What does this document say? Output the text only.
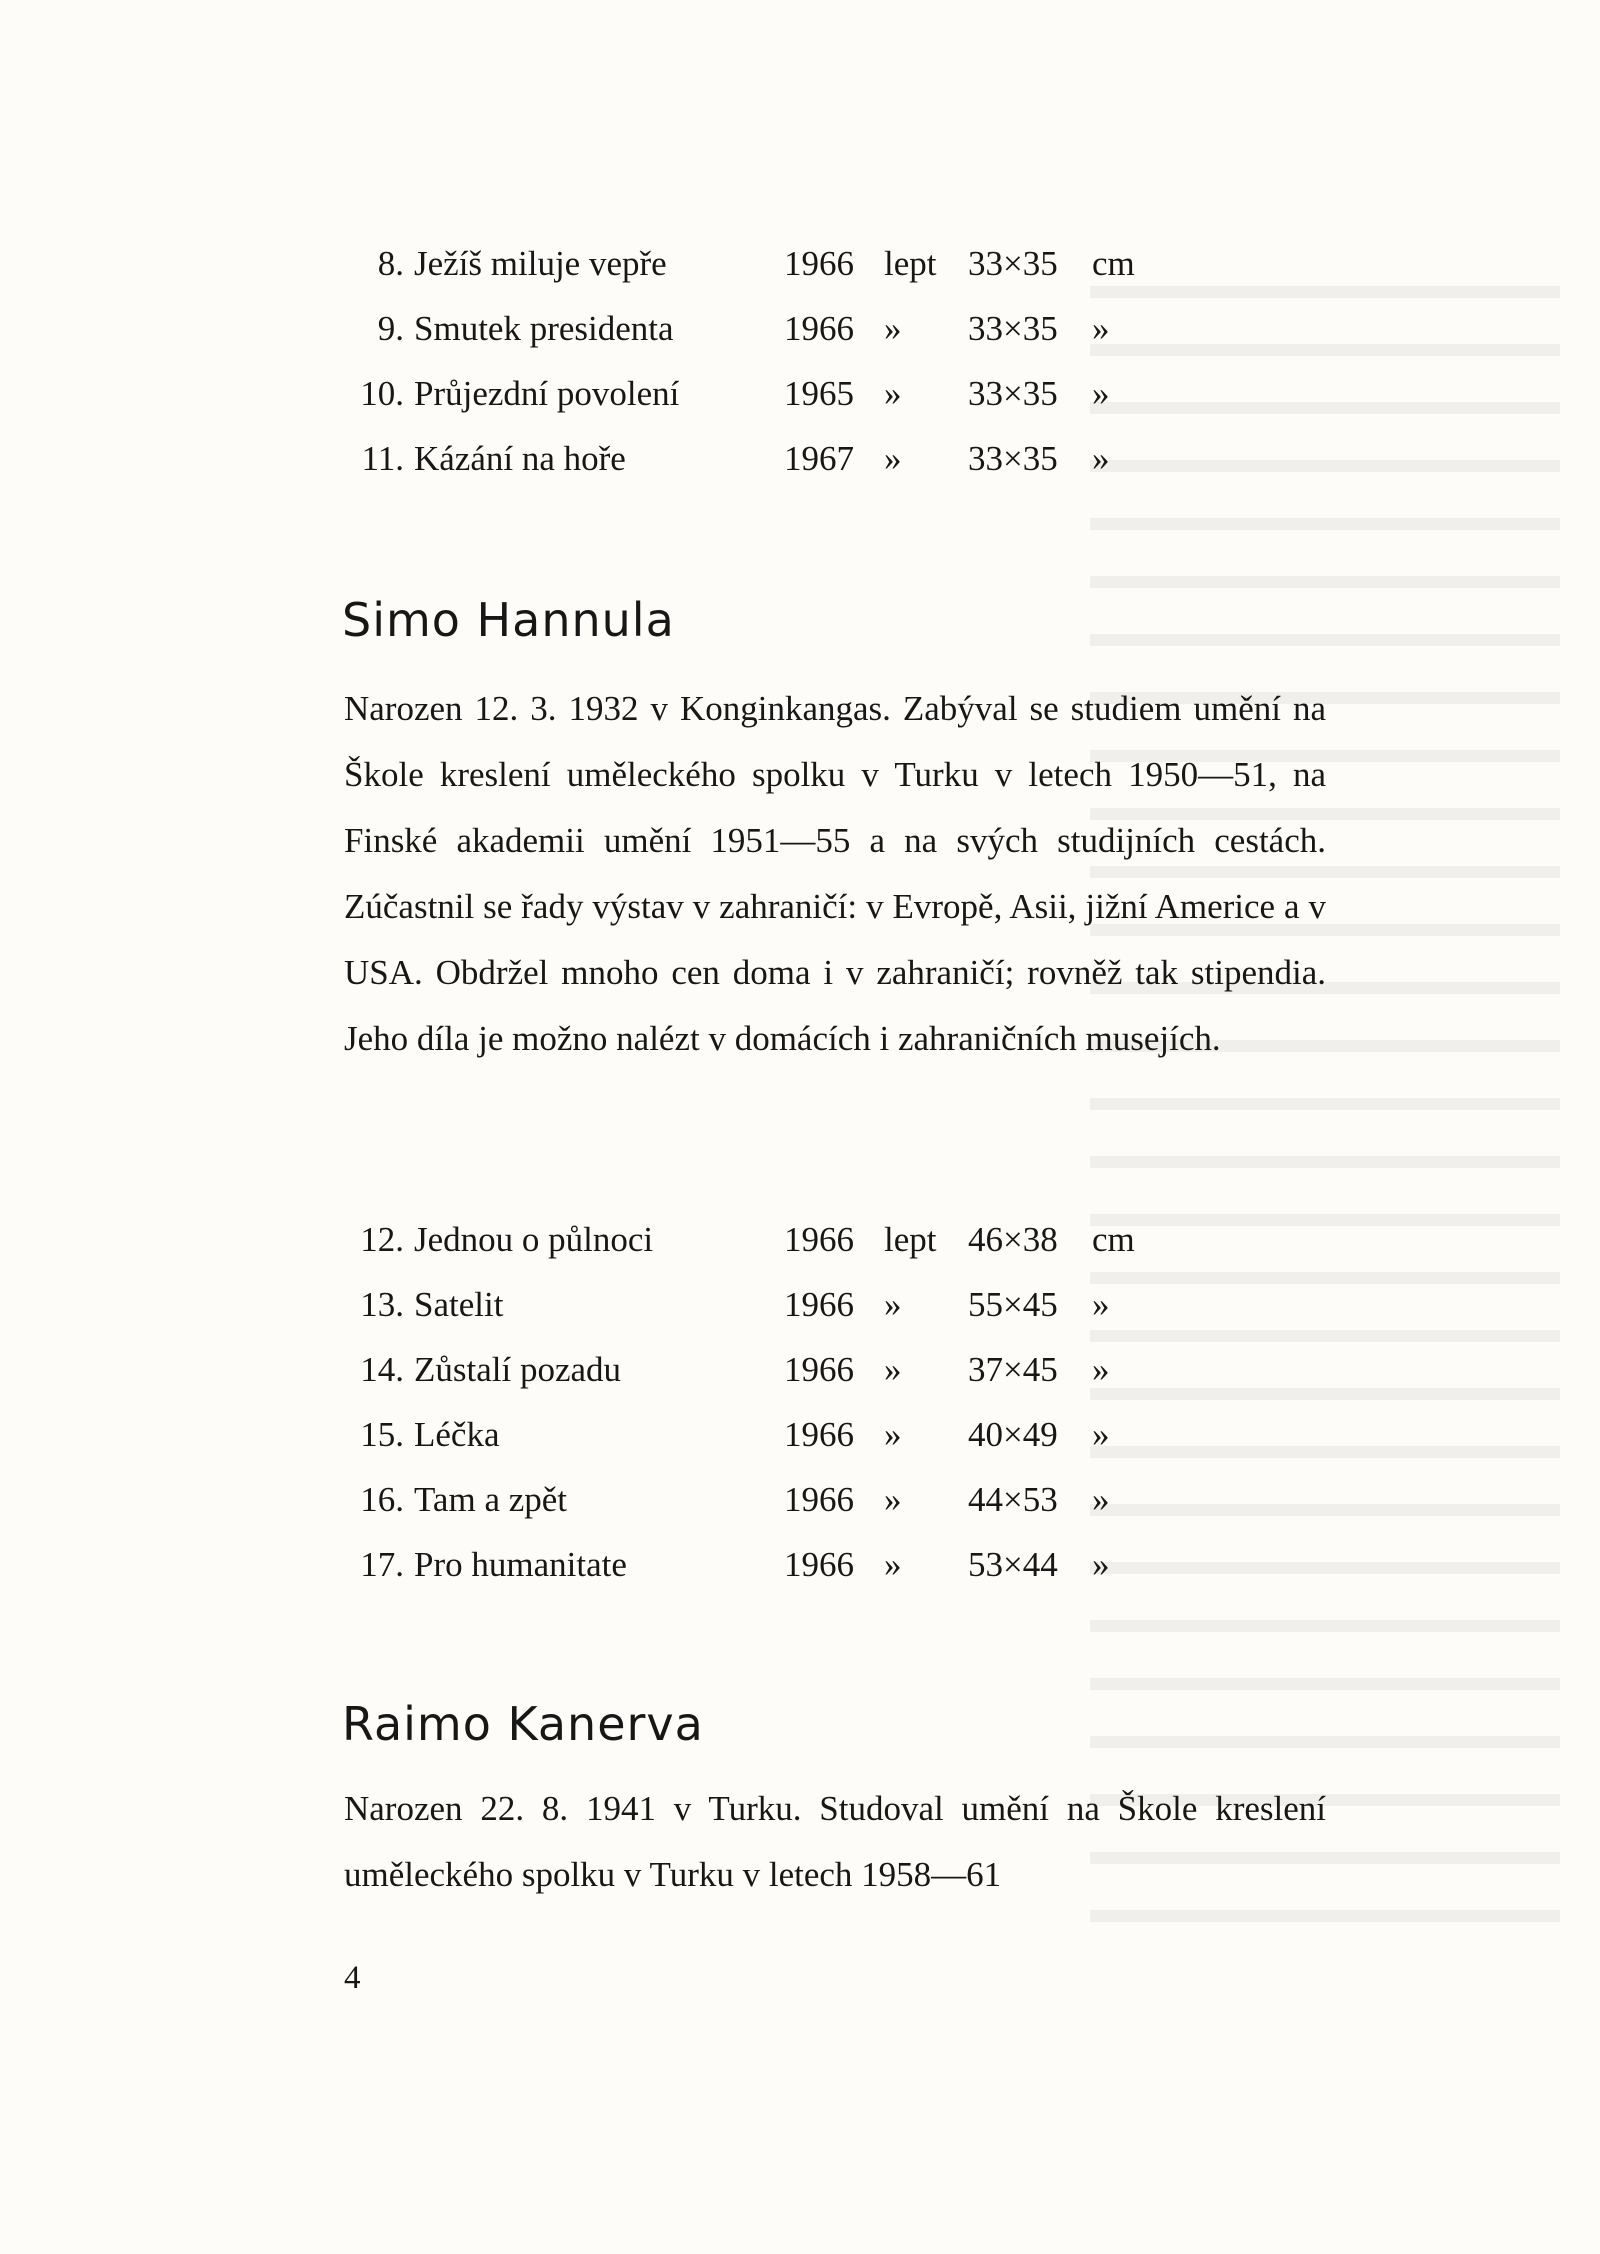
8. Ježíš miluje vepře	1966 lept 33×35 cm
9. Smutek presidenta	1966 » 33×35 »
10. Průjezdní povolení	1965 » 33×35 »
11. Kázání na hoře	1967 » 33×35 »
Simo Hannula

Narozen 12. 3. 1932 v Konginkangas. Zabýval se studiem umění na Škole kreslení uměleckého spolku v Turku v letech 1950—51, na Finské akademii umění 1951—55 a na svých studijních cestách. Zúčastnil se řady výstav v zahraničí: v Evropě, Asii, jižní Americe a v USA. Obdržel mnoho cen doma i v zahraničí; rovněž tak stipendia. Jeho díla je možno nalézt v domácích i zahraničních musejích.

12. Jednou o půlnoci	1966 lept 46×38 cm
13. Satelit	1966 » 55×45 »
14. Zůstalí pozadu	1966 » 37×45 »
15. Léčka	1966 » 40×49 »
16. Tam a zpět	1966 » 44×53 »
17. Pro humanitate	1966 » 53×44 »
Raimo Kanerva

Narozen 22. 8. 1941 v Turku. Studoval umění na Škole kreslení uměleckého spolku v Turku v letech 1958—61

4
